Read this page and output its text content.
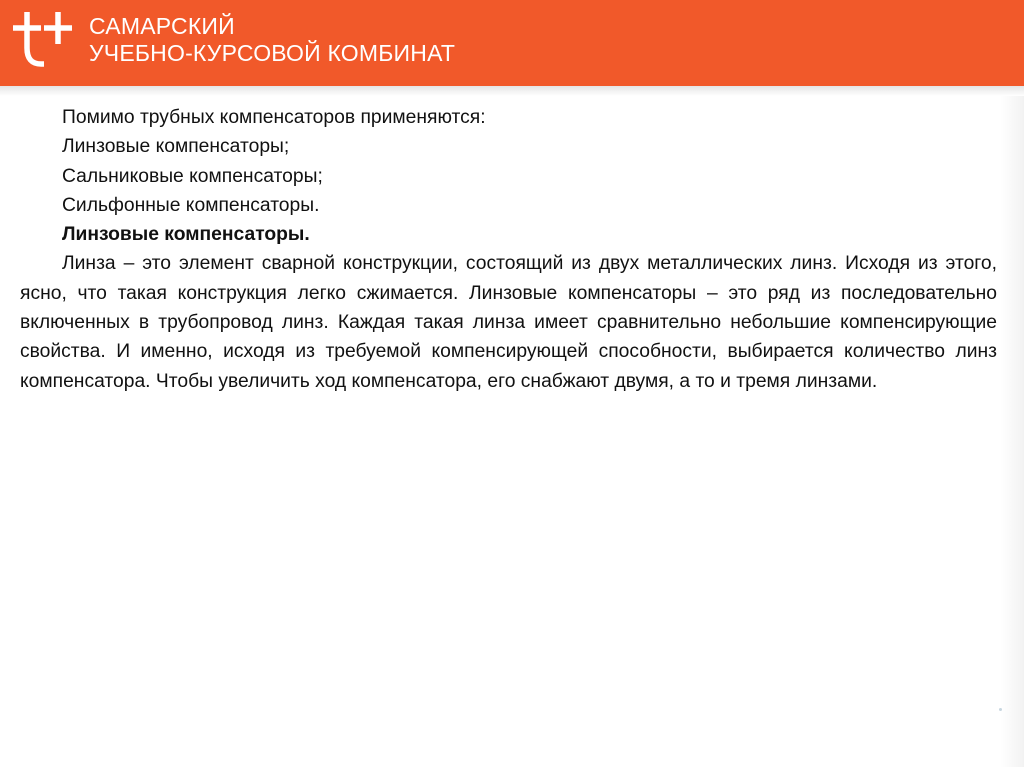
САМАРСКИЙ
УЧЕБНО-КУРСОВОЙ КОМБИНАТ

Помимо трубных компенсаторов применяются:

Линзовые компенсаторы;

Сальниковые компенсаторы;

Сильфонные компенсаторы.

Линзовые компенсаторы.

Линза – это элемент сварной конструкции, состоящий из двух металлических линз. Исходя из этого, ясно, что такая конструкция легко сжимается. Линзовые компенсаторы – это ряд из последовательно включенных в трубопровод линз. Каждая такая линза имеет сравнительно небольшие компенсирующие свойства. И именно, исходя из требуемой компенсирующей способности, выбирается количество линз компенсатора. Чтобы увеличить ход компенсатора, его снабжают двумя, а то и тремя линзами.
